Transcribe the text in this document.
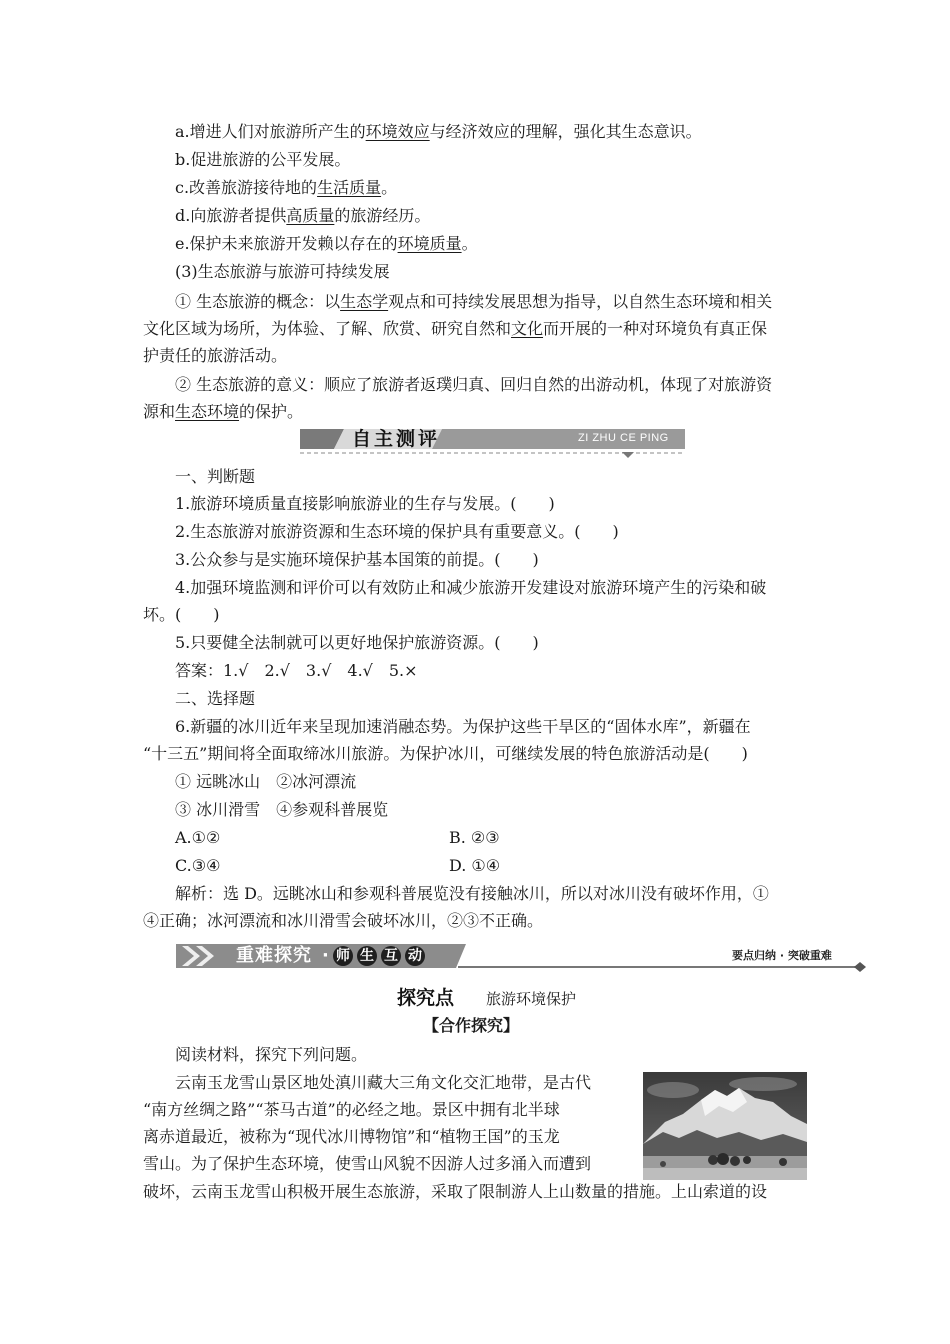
a.增进人们对旅游所产生的环境效应与经济效应的理解，强化其生态意识。
b.促进旅游的公平发展。
c.改善旅游接待地的生活质量。
d.向旅游者提供高质量的旅游经历。
e.保护未来旅游开发赖以存在的环境质量。
(3)生态旅游与旅游可持续发展
① 生态旅游的概念：以生态学观点和可持续发展思想为指导，以自然生态环境和相关
文化区域为场所，为体验、了解、欣赏、研究自然和文化而开展的一种对环境负有真正保
护责任的旅游活动。
② 生态旅游的意义：顺应了旅游者返璞归真、回归自然的出游动机，体现了对旅游资
源和生态环境的保护。
自主测评	ZI ZHU CE PING
一、判断题
1.旅游环境质量直接影响旅游业的生存与发展。(　　)
2.生态旅游对旅游资源和生态环境的保护具有重要意义。(　　)
3.公众参与是实施环境保护基本国策的前提。(　　)
4.加强环境监测和评价可以有效防止和减少旅游开发建设对旅游环境产生的污染和破
坏。(　　)
5.只要健全法制就可以更好地保护旅游资源。(　　)
答案：1.√　2.√　3.√　4.√　5.×
二、选择题
6.新疆的冰川近年来呈现加速消融态势。为保护这些干旱区的“固体水库”，新疆在
“十三五”期间将全面取缔冰川旅游。为保护冰川，可继续发展的特色旅游活动是(　　)
① 远眺冰山　②冰河漂流
③ 冰川滑雪　④参观科普展览
A.①②	B. ②③
C.③④	D. ①④
解析：选 D。远眺冰山和参观科普展览没有接触冰川，所以对冰川没有破坏作用，①
④正确；冰河漂流和冰川滑雪会破坏冰川，②③不正确。
重难探究 · 师 生 互 动	要点归纳 · 突破重难
探究点 旅游环境保护
【合作探究】
阅读材料，探究下列问题。
云南玉龙雪山景区地处滇川藏大三角文化交汇地带，是古代
“南方丝绸之路”“茶马古道”的必经之地。景区中拥有北半球
离赤道最近，被称为“现代冰川博物馆”和“植物王国”的玉龙
雪山。为了保护生态环境，使雪山风貌不因游人过多涌入而遭到
破坏，云南玉龙雪山积极开展生态旅游，采取了限制游人上山数量的措施。上山索道的设
